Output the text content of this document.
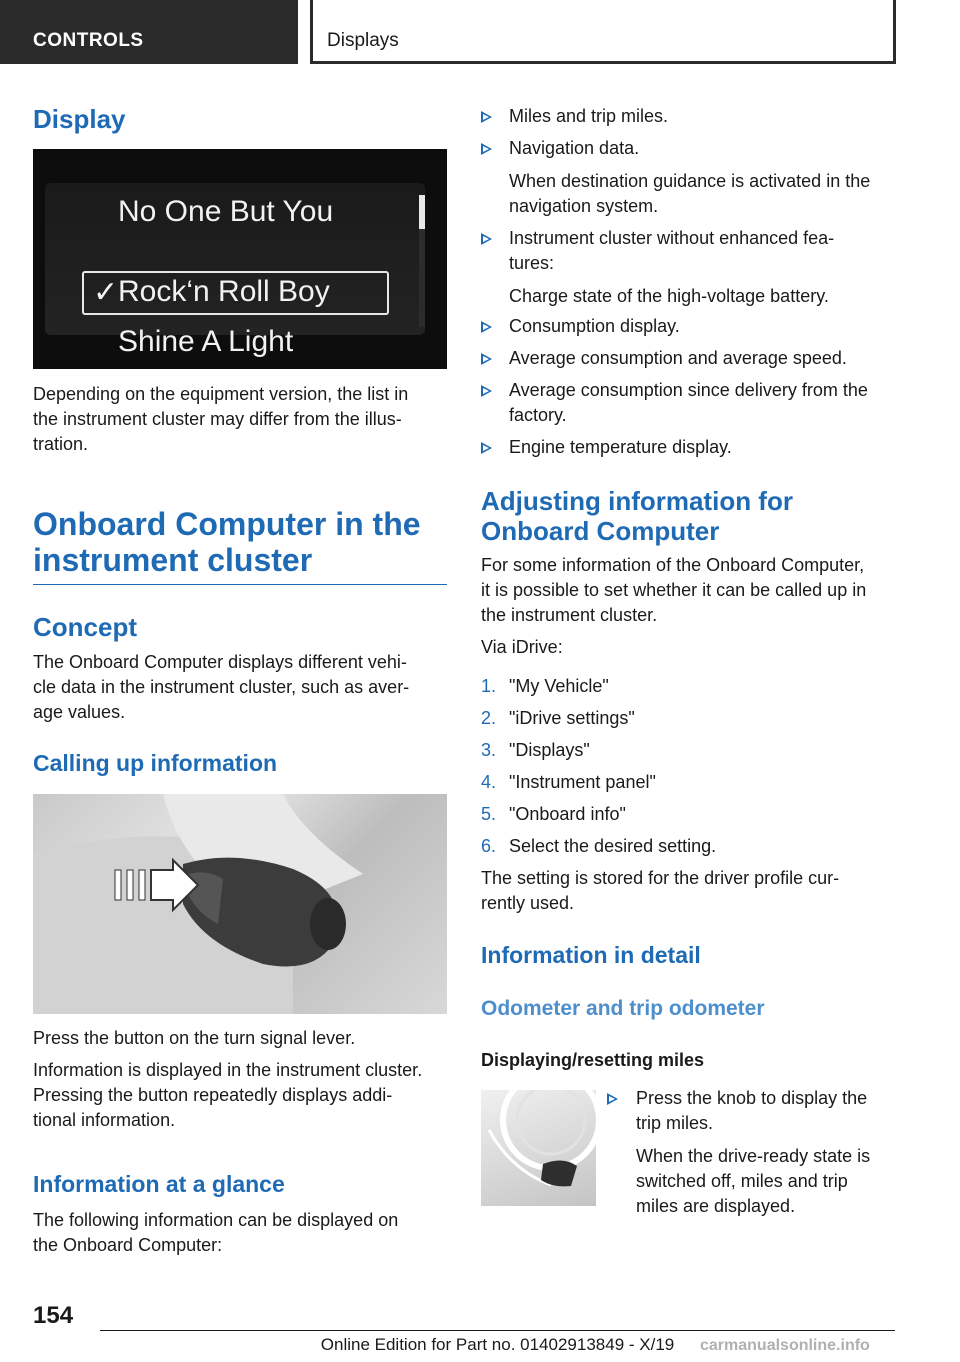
CONTROLS	Displays
Display
No One But You
✓ Rock‘n Roll Boy
Shine A Light
Depending on the equipment version, the list in
the instrument cluster may differ from the illus-
tration.
Onboard Computer in the
instrument cluster
Concept
The Onboard Computer displays different vehi-
cle data in the instrument cluster, such as aver-
age values.
Calling up information
Press the button on the turn signal lever.
Information is displayed in the instrument cluster.
Pressing the button repeatedly displays addi-
tional information.
Information at a glance
The following information can be displayed on
the Onboard Computer:
Miles and trip miles.
Navigation data.
When destination guidance is activated in the
navigation system.
Instrument cluster without enhanced fea-
tures:
Charge state of the high-voltage battery.
Consumption display.
Average consumption and average speed.
Average consumption since delivery from the
factory.
Engine temperature display.
Adjusting information for
Onboard Computer
For some information of the Onboard Computer,
it is possible to set whether it can be called up in
the instrument cluster.
Via iDrive:
1. "My Vehicle"
2. "iDrive settings"
3. "Displays"
4. "Instrument panel"
5. "Onboard info"
6. Select the desired setting.
The setting is stored for the driver profile cur-
rently used.
Information in detail
Odometer and trip odometer
Displaying/resetting miles
Press the knob to display the
trip miles.
When the drive-ready state is
switched off, miles and trip
miles are displayed.
154
Online Edition for Part no. 01402913849 - X/19	carmanualsonline.info
